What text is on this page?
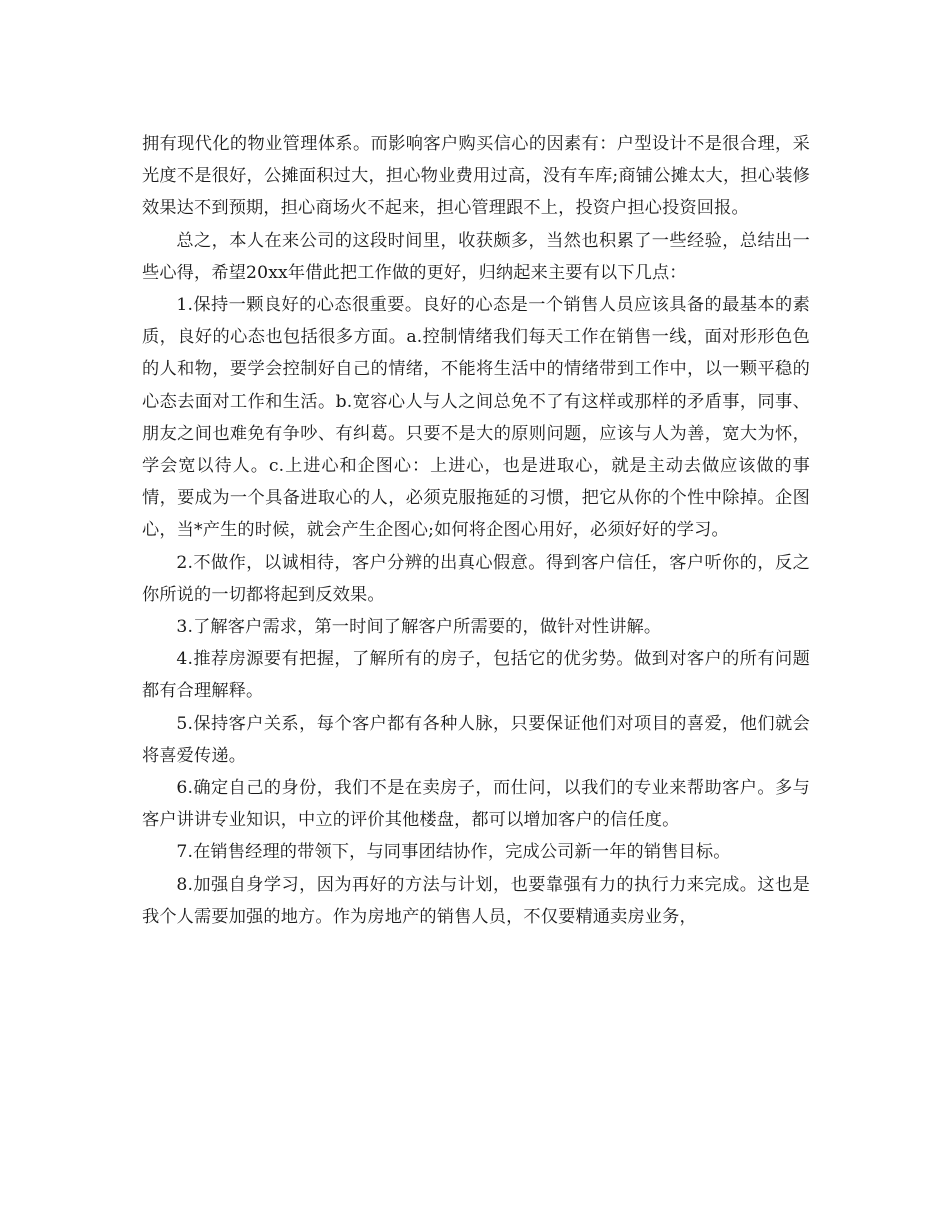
拥有现代化的物业管理体系。而影响客户购买信心的因素有：户型设计不是很合理，采光度不是很好，公摊面积过大，担心物业费用过高，没有车库;商铺公摊太大，担心装修效果达不到预期，担心商场火不起来，担心管理跟不上，投资户担心投资回报。

总之，本人在来公司的这段时间里，收获颇多，当然也积累了一些经验，总结出一些心得，希望20xx年借此把工作做的更好，归纳起来主要有以下几点：

1.保持一颗良好的心态很重要。良好的心态是一个销售人员应该具备的最基本的素质，良好的心态也包括很多方面。a.控制情绪我们每天工作在销售一线，面对形形色色的人和物，要学会控制好自己的情绪，不能将生活中的情绪带到工作中，以一颗平稳的心态去面对工作和生活。b.宽容心人与人之间总免不了有这样或那样的矛盾事，同事、朋友之间也难免有争吵、有纠葛。只要不是大的原则问题，应该与人为善，宽大为怀，学会宽以待人。c.上进心和企图心：上进心，也是进取心，就是主动去做应该做的事情，要成为一个具备进取心的人，必须克服拖延的习惯，把它从你的个性中除掉。企图心，当*产生的时候，就会产生企图心;如何将企图心用好，必须好好的学习。

2.不做作，以诚相待，客户分辨的出真心假意。得到客户信任，客户听你的，反之你所说的一切都将起到反效果。

3.了解客户需求，第一时间了解客户所需要的，做针对性讲解。

4.推荐房源要有把握，了解所有的房子，包括它的优劣势。做到对客户的所有问题都有合理解释。

5.保持客户关系，每个客户都有各种人脉，只要保证他们对项目的喜爱，他们就会将喜爱传递。

6.确定自己的身份，我们不是在卖房子，而仕问，以我们的专业来帮助客户。多与客户讲讲专业知识，中立的评价其他楼盘，都可以增加客户的信任度。

7.在销售经理的带领下，与同事团结协作，完成公司新一年的销售目标。

8.加强自身学习，因为再好的方法与计划，也要靠强有力的执行力来完成。这也是我个人需要加强的地方。作为房地产的销售人员，不仅要精通卖房业务，
